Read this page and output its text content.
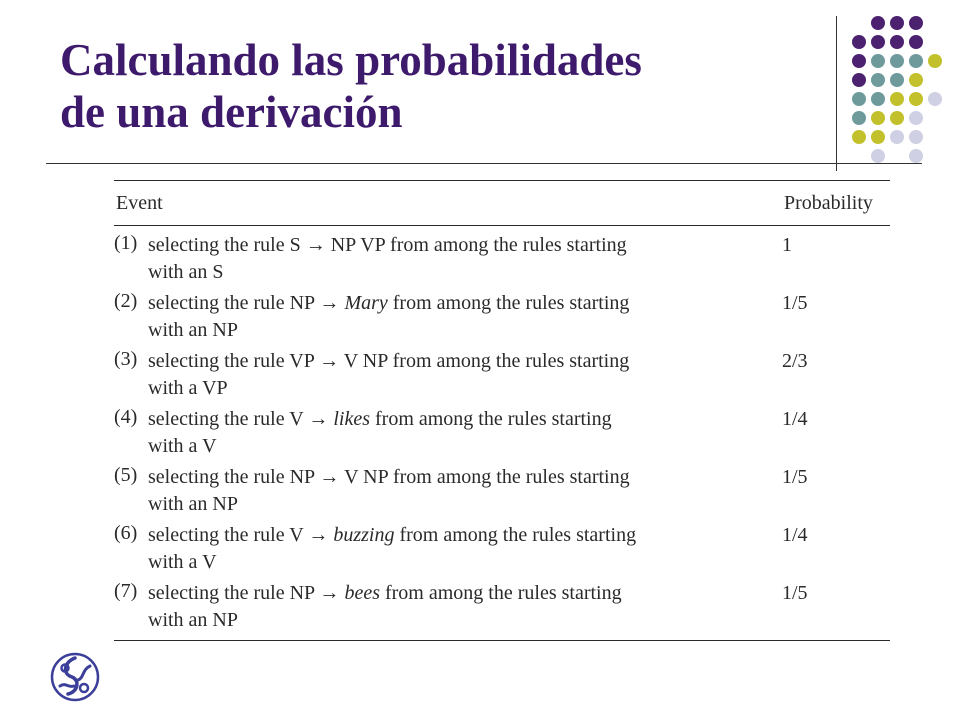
Calculando las probabilidades
de una derivación
Event	Probability
(1) selecting the rule S → NP VP from among the rules starting
with an S
1
(2) selecting the rule NP → Mary from among the rules starting
with an NP
1/5
(3) selecting the rule VP → V NP from among the rules starting
with a VP
2/3
(4) selecting the rule V → likes from among the rules starting
with a V
1/4
(5) selecting the rule NP → V NP from among the rules starting
with an NP
1/5
(6) selecting the rule V → buzzing from among the rules starting
with a V
1/4
(7) selecting the rule NP → bees from among the rules starting
with an NP
1/5
